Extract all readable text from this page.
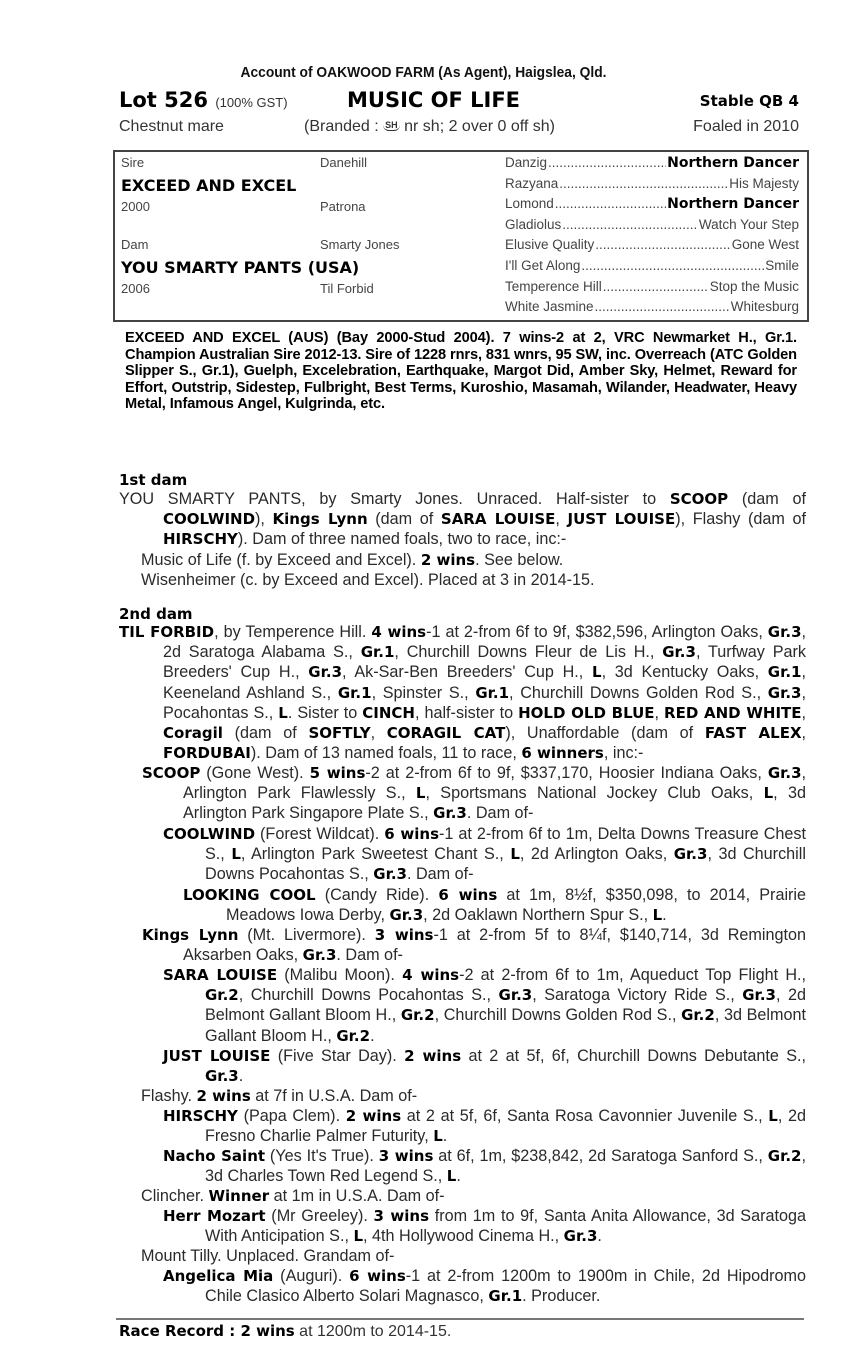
Account of OAKWOOD FARM (As Agent), Haigslea, Qld.
Lot 526 (100% GST)	MUSIC OF LIFE	Stable QB 4
Chestnut mare	(Branded : SH nr sh; 2 over 0 off sh)	Foaled in 2010
Sire	Danehill
EXCEED AND EXCEL
2000	Patrona
Dam	Smarty Jones
YOU SMARTY PANTS (USA)
2006	Til Forbid
Danzig .....	Northern Dancer
Razyana .....	His Majesty
Lomond .....	Northern Dancer
Gladiolus .....	Watch Your Step
Elusive Quality .....	Gone West
I'll Get Along .....	Smile
Temperence Hill .....	Stop the Music
White Jasmine .....	Whitesburg
EXCEED AND EXCEL (AUS) (Bay 2000-Stud 2004). 7 wins-2 at 2, VRC Newmarket H., Gr.1. Champion Australian Sire 2012-13. Sire of 1228 rnrs, 831 wnrs, 95 SW, inc. Overreach (ATC Golden Slipper S., Gr.1), Guelph, Excelebration, Earthquake, Margot Did, Amber Sky, Helmet, Reward for Effort, Outstrip, Sidestep, Fulbright, Best Terms, Kuroshio, Masamah, Wilander, Headwater, Heavy Metal, Infamous Angel, Kulgrinda, etc.
1st dam
2nd dam
Race Record : 2 wins at 1200m to 2014-15.
YOU SMARTY PANTS, by Smarty Jones. Unraced. Half-sister to SCOOP (dam of COOLWIND), Kings Lynn (dam of SARA LOUISE, JUST LOUISE), Flashy (dam of HIRSCHY). Dam of three named foals, two to race, inc:-
Music of Life (f. by Exceed and Excel). 2 wins. See below.
Wisenheimer (c. by Exceed and Excel). Placed at 3 in 2014-15.
TIL FORBID, by Temperence Hill. 4 wins-1 at 2-from 6f to 9f, $382,596, Arlington Oaks, Gr.3, 2d Saratoga Alabama S., Gr.1, Churchill Downs Fleur de Lis H., Gr.3, Turfway Park Breeders' Cup H., Gr.3, Ak-Sar-Ben Breeders' Cup H., L, 3d Kentucky Oaks, Gr.1, Keeneland Ashland S., Gr.1, Spinster S., Gr.1, Churchill Downs Golden Rod S., Gr.3, Pocahontas S., L. Sister to CINCH, half-sister to HOLD OLD BLUE, RED AND WHITE, Coragil (dam of SOFTLY, CORAGIL CAT), Unaffordable (dam of FAST ALEX, FORDUBAI). Dam of 13 named foals, 11 to race, 6 winners, inc:-
SCOOP (Gone West). 5 wins-2 at 2-from 6f to 9f, $337,170, Hoosier Indiana Oaks, Gr.3, Arlington Park Flawlessly S., L, Sportsmans National Jockey Club Oaks, L, 3d Arlington Park Singapore Plate S., Gr.3. Dam of-
COOLWIND (Forest Wildcat). 6 wins-1 at 2-from 6f to 1m, Delta Downs Treasure Chest S., L, Arlington Park Sweetest Chant S., L, 2d Arlington Oaks, Gr.3, 3d Churchill Downs Pocahontas S., Gr.3. Dam of-
LOOKING COOL (Candy Ride). 6 wins at 1m, 8½f, $350,098, to 2014, Prairie Meadows Iowa Derby, Gr.3, 2d Oaklawn Northern Spur S., L.
Kings Lynn (Mt. Livermore). 3 wins-1 at 2-from 5f to 8¼f, $140,714, 3d Remington Aksarben Oaks, Gr.3. Dam of-
SARA LOUISE (Malibu Moon). 4 wins-2 at 2-from 6f to 1m, Aqueduct Top Flight H., Gr.2, Churchill Downs Pocahontas S., Gr.3, Saratoga Victory Ride S., Gr.3, 2d Belmont Gallant Bloom H., Gr.2, Churchill Downs Golden Rod S., Gr.2, 3d Belmont Gallant Bloom H., Gr.2.
JUST LOUISE (Five Star Day). 2 wins at 2 at 5f, 6f, Churchill Downs Debutante S., Gr.3.
Flashy. 2 wins at 7f in U.S.A. Dam of-
HIRSCHY (Papa Clem). 2 wins at 2 at 5f, 6f, Santa Rosa Cavonnier Juvenile S., L, 2d Fresno Charlie Palmer Futurity, L.
Nacho Saint (Yes It's True). 3 wins at 6f, 1m, $238,842, 2d Saratoga Sanford S., Gr.2, 3d Charles Town Red Legend S., L.
Clincher. Winner at 1m in U.S.A. Dam of-
Herr Mozart (Mr Greeley). 3 wins from 1m to 9f, Santa Anita Allowance, 3d Saratoga With Anticipation S., L, 4th Hollywood Cinema H., Gr.3.
Mount Tilly. Unplaced. Grandam of-
Angelica Mia (Auguri). 6 wins-1 at 2-from 1200m to 1900m in Chile, 2d Hipodromo Chile Clasico Alberto Solari Magnasco, Gr.1. Producer.
